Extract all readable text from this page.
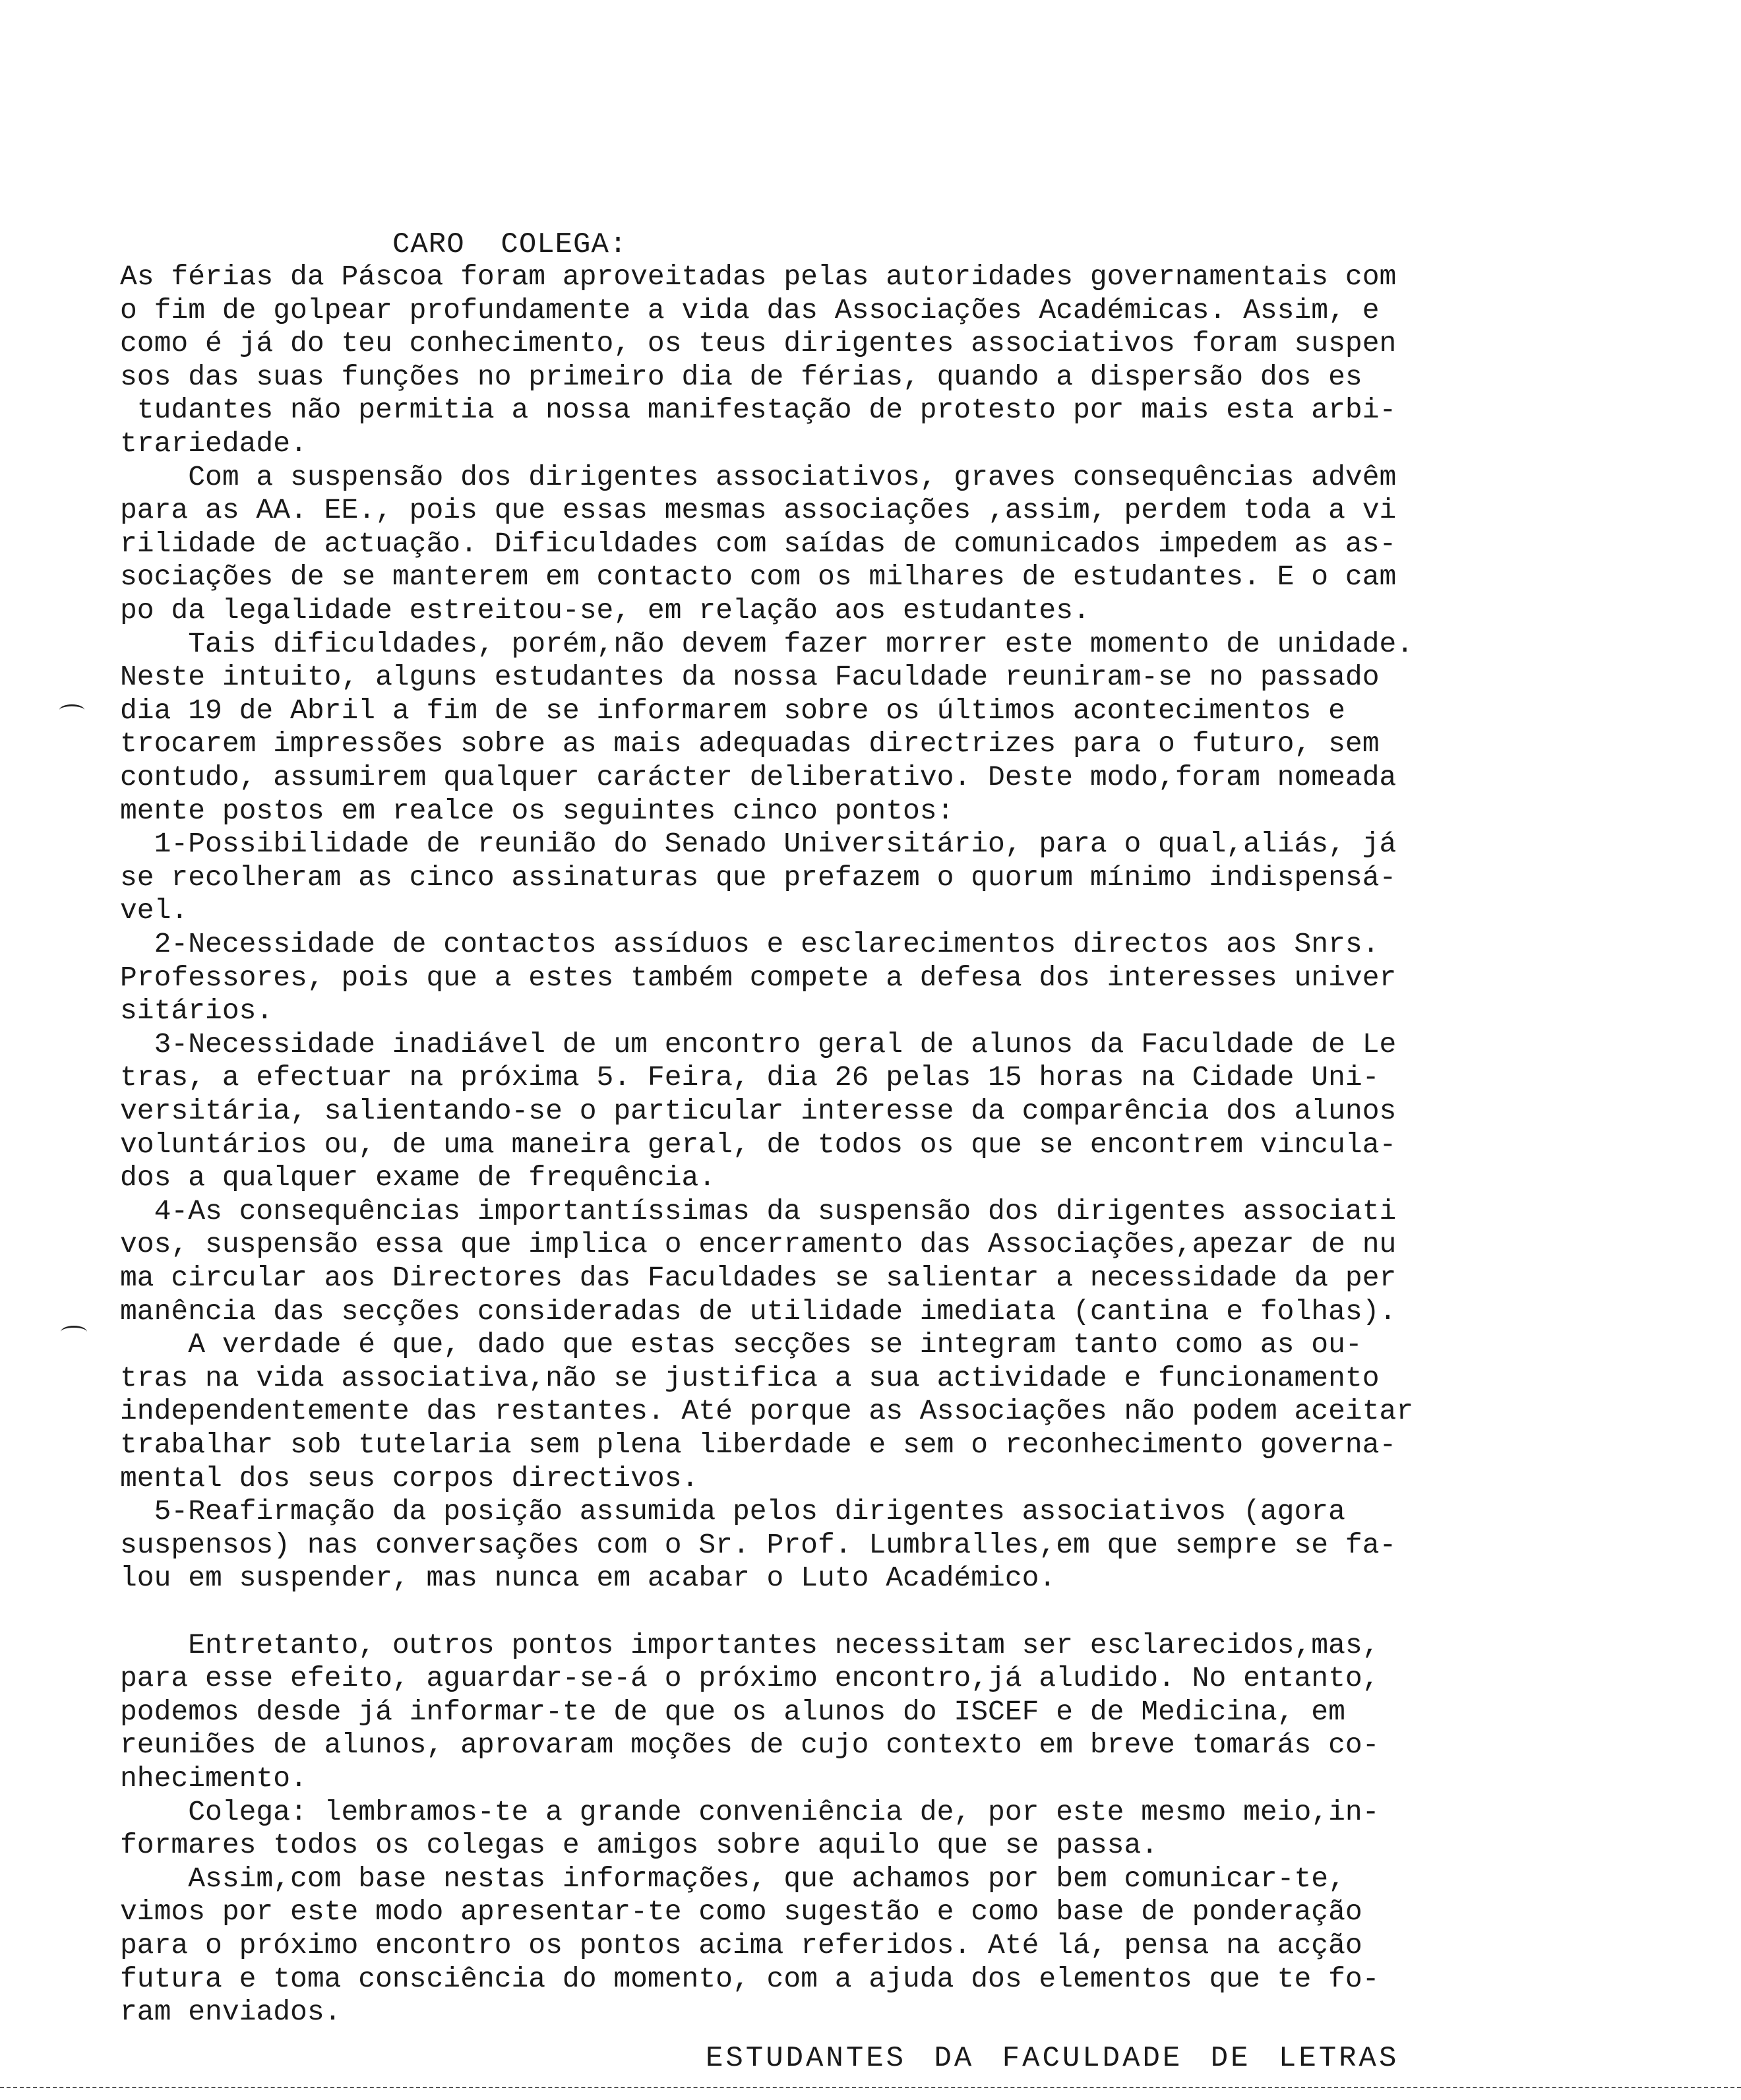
CARO  COLEGA:
As férias da Páscoa foram aproveitadas pelas autoridades governamentais com
o fim de golpear profundamente a vida das Associações Académicas. Assim, e
como é já do teu conhecimento, os teus dirigentes associativos foram suspen
sos das suas funções no primeiro dia de férias, quando a dispersão dos es
tudantes não permitia a nossa manifestação de protesto por mais esta arbi-
trariedade.
Com a suspensão dos dirigentes associativos, graves consequências advêm
para as AA. EE., pois que essas mesmas associações ,assim, perdem toda a vi
rilidade de actuação. Dificuldades com saídas de comunicados impedem as as-
sociações de se manterem em contacto com os milhares de estudantes. E o cam
po da legalidade estreitou-se, em relação aos estudantes.
Tais dificuldades, porém,não devem fazer morrer este momento de unidade.
Neste intuito, alguns estudantes da nossa Faculdade reuniram-se no passado
dia 19 de Abril a fim de se informarem sobre os últimos acontecimentos e
trocarem impressões sobre as mais adequadas directrizes para o futuro, sem
contudo, assumirem qualquer carácter deliberativo. Deste modo,foram nomeada
mente postos em realce os seguintes cinco pontos:
1-Possibilidade de reunião do Senado Universitário, para o qual,aliás, já
se recolheram as cinco assinaturas que prefazem o quorum mínimo indispensá-
vel.
2-Necessidade de contactos assíduos e esclarecimentos directos aos Snrs.
Professores, pois que a estes também compete a defesa dos interesses univer
sitários.
3-Necessidade inadiável de um encontro geral de alunos da Faculdade de Le
tras, a efectuar na próxima 5. Feira, dia 26 pelas 15 horas na Cidade Uni-
versitária, salientando-se o particular interesse da comparência dos alunos
voluntários ou, de uma maneira geral, de todos os que se encontrem vincula-
dos a qualquer exame de frequência.
4-As consequências importantíssimas da suspensão dos dirigentes associati
vos, suspensão essa que implica o encerramento das Associações,apezar de nu
ma circular aos Directores das Faculdades se salientar a necessidade da per
manência das secções consideradas de utilidade imediata (cantina e folhas).
A verdade é que, dado que estas secções se integram tanto como as ou-
tras na vida associativa,não se justifica a sua actividade e funcionamento
independentemente das restantes. Até porque as Associações não podem aceitar
trabalhar sob tutelaria sem plena liberdade e sem o reconhecimento governa-
mental dos seus corpos directivos.
5-Reafirmação da posição assumida pelos dirigentes associativos (agora
suspensos) nas conversações com o Sr. Prof. Lumbralles,em que sempre se fa-
lou em suspender, mas nunca em acabar o Luto Académico.
Entretanto, outros pontos importantes necessitam ser esclarecidos,mas,
para esse efeito, aguardar-se-á o próximo encontro,já aludido. No entanto,
podemos desde já informar-te de que os alunos do ISCEF e de Medicina, em
reuniões de alunos, aprovaram moções de cujo contexto em breve tomarás co-
nhecimento.
Colega: lembramos-te a grande conveniência de, por este mesmo meio,in-
formares todos os colegas e amigos sobre aquilo que se passa.
Assim,com base nestas informações, que achamos por bem comunicar-te,
vimos por este modo apresentar-te como sugestão e como base de ponderação
para o próximo encontro os pontos acima referidos. Até lá, pensa na acção
futura e toma consciência do momento, com a ajuda dos elementos que te fo-
ram enviados.
ESTUDANTES DA FACULDADE DE LETRAS
